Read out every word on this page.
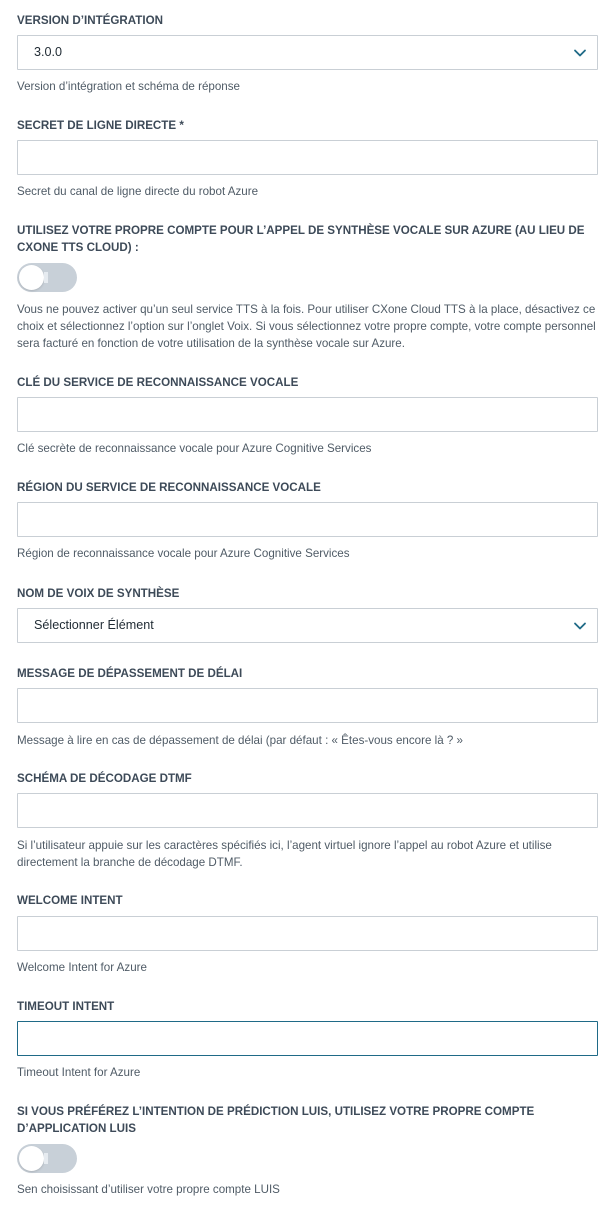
VERSION D’INTÉGRATION
3.0.0
Version d’intégration et schéma de réponse
SECRET DE LIGNE DIRECTE *
Secret du canal de ligne directe du robot Azure
UTILISEZ VOTRE PROPRE COMPTE POUR L’APPEL DE SYNTHÈSE VOCALE SUR AZURE (AU LIEU DE CXONE TTS CLOUD) :
Vous ne pouvez activer qu’un seul service TTS à la fois. Pour utiliser CXone Cloud TTS à la place, désactivez ce choix et sélectionnez l’option sur l’onglet Voix. Si vous sélectionnez votre propre compte, votre compte personnel sera facturé en fonction de votre utilisation de la synthèse vocale sur Azure.
CLÉ DU SERVICE DE RECONNAISSANCE VOCALE
Clé secrète de reconnaissance vocale pour Azure Cognitive Services
RÉGION DU SERVICE DE RECONNAISSANCE VOCALE
Région de reconnaissance vocale pour Azure Cognitive Services
NOM DE VOIX DE SYNTHÈSE
Sélectionner Élément
MESSAGE DE DÉPASSEMENT DE DÉLAI
Message à lire en cas de dépassement de délai (par défaut : « Êtes-vous encore là ? »
SCHÉMA DE DÉCODAGE DTMF
Si l’utilisateur appuie sur les caractères spécifiés ici, l’agent virtuel ignore l’appel au robot Azure et utilise directement la branche de décodage DTMF.
WELCOME INTENT
Welcome Intent for Azure
TIMEOUT INTENT
Timeout Intent for Azure
SI VOUS PRÉFÉREZ L’INTENTION DE PRÉDICTION LUIS, UTILISEZ VOTRE PROPRE COMPTE D’APPLICATION LUIS
Sen choisissant d’utiliser votre propre compte LUIS
